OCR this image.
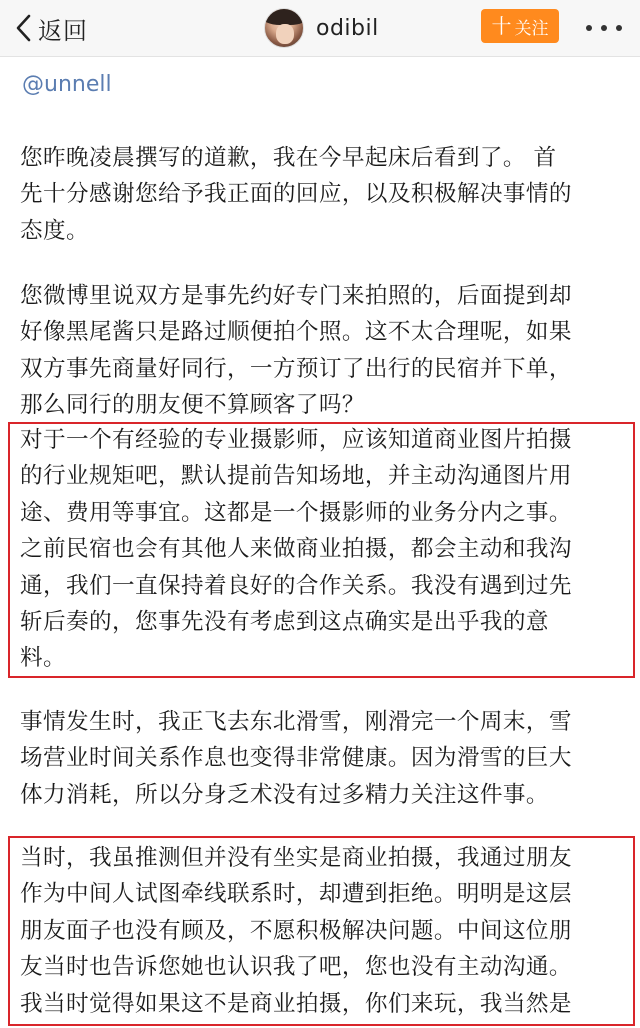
返回	odibil	十 关注
@unnell

您昨晚凌晨撰写的道歉，我在今早起床后看到了。 首
先十分感谢您给予我正面的回应，以及积极解决事情的
态度。

您微博里说双方是事先约好专门来拍照的，后面提到却
好像黑尾酱只是路过顺便拍个照。这不太合理呢，如果
双方事先商量好同行，一方预订了出行的民宿并下单，
那么同行的朋友便不算顾客了吗？

对于一个有经验的专业摄影师，应该知道商业图片拍摄
的行业规矩吧，默认提前告知场地，并主动沟通图片用
途、费用等事宜。这都是一个摄影师的业务分内之事。
之前民宿也会有其他人来做商业拍摄，都会主动和我沟
通，我们一直保持着良好的合作关系。我没有遇到过先
斩后奏的，您事先没有考虑到这点确实是出乎我的意
料。

事情发生时，我正飞去东北滑雪，刚滑完一个周末，雪
场营业时间关系作息也变得非常健康。因为滑雪的巨大
体力消耗，所以分身乏术没有过多精力关注这件事。

当时，我虽推测但并没有坐实是商业拍摄，我通过朋友
作为中间人试图牵线联系时，却遭到拒绝。明明是这层
朋友面子也没有顾及，不愿积极解决问题。中间这位朋
友当时也告诉您她也认识我了吧，您也没有主动沟通。
我当时觉得如果这不是商业拍摄，你们来玩，我当然是
